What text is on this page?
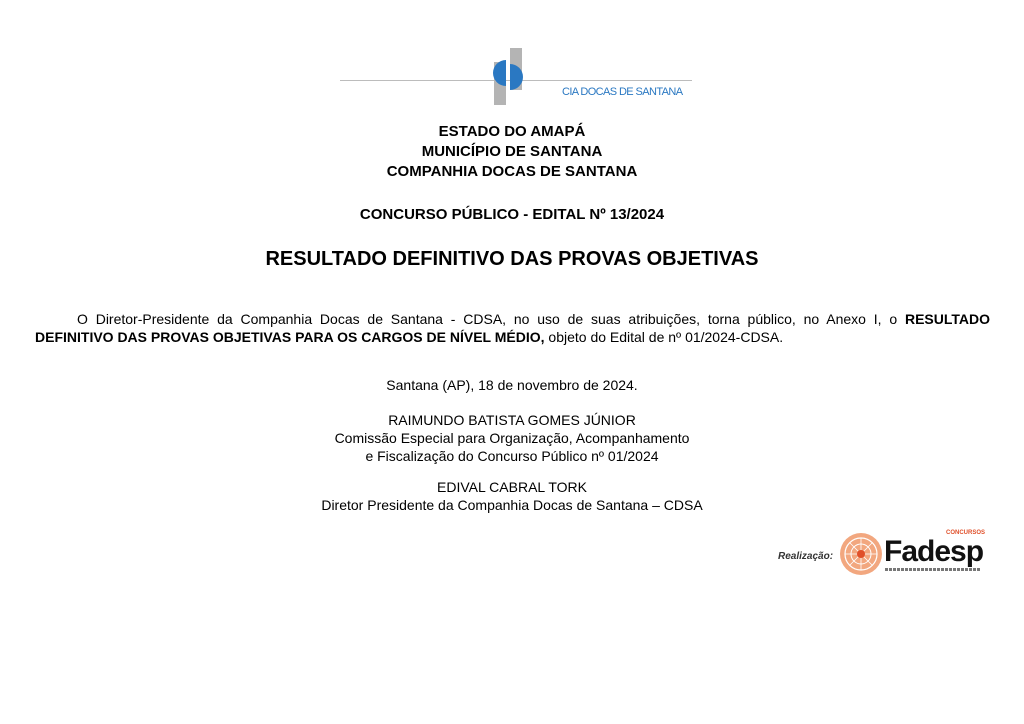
CIA DOCAS DE SANTANA
ESTADO DO AMAPÁ
MUNICÍPIO DE SANTANA
COMPANHIA DOCAS DE SANTANA
CONCURSO PÚBLICO - EDITAL Nº 13/2024
RESULTADO DEFINITIVO DAS PROVAS OBJETIVAS
O Diretor-Presidente da Companhia Docas de Santana - CDSA, no uso de suas atribuições, torna público, no Anexo I, o RESULTADO DEFINITIVO DAS PROVAS OBJETIVAS PARA OS CARGOS DE NÍVEL MÉDIO, objeto do Edital de nº 01/2024-CDSA.
Santana (AP), 18 de novembro de 2024.
RAIMUNDO BATISTA GOMES JÚNIOR
Comissão Especial para Organização, Acompanhamento
e Fiscalização do Concurso Público nº 01/2024
EDIVAL CABRAL TORK
Diretor Presidente da Companhia Docas de Santana – CDSA
Realização:
CONCURSOS
Fadesp
